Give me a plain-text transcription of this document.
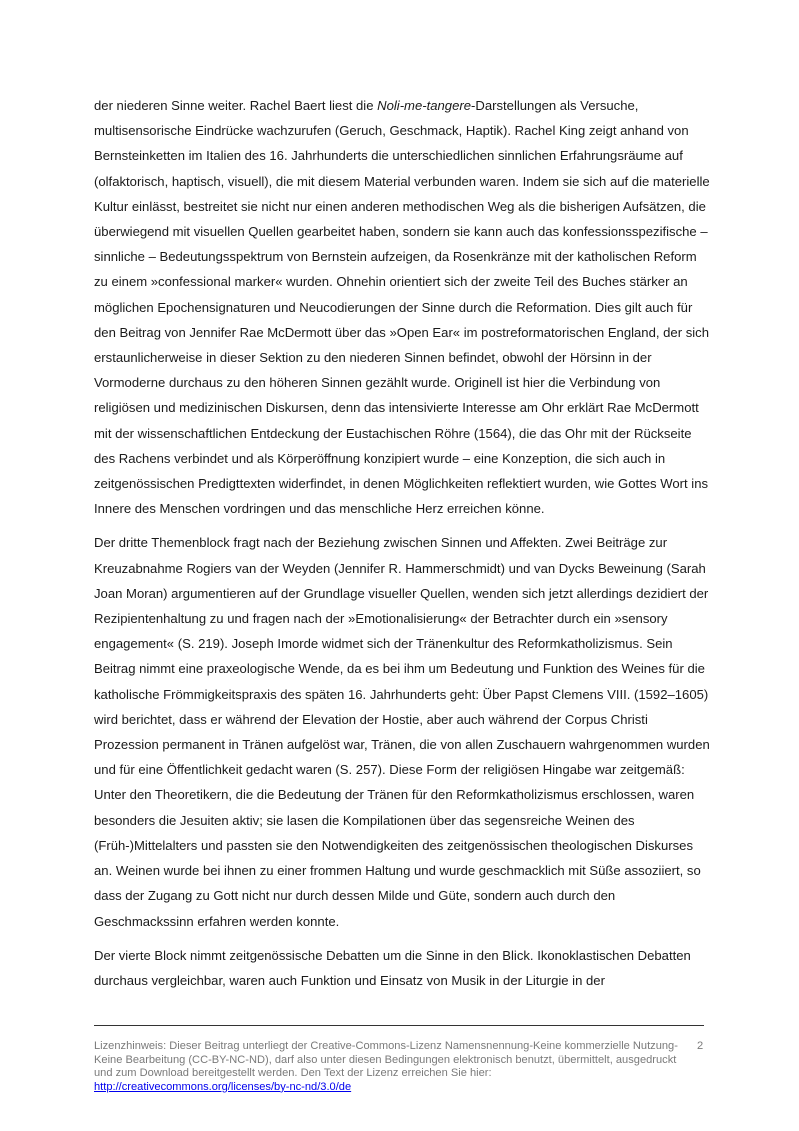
der niederen Sinne weiter. Rachel Baert liest die Noli-me-tangere-Darstellungen als Versuche, multisensorische Eindrücke wachzurufen (Geruch, Geschmack, Haptik). Rachel King zeigt anhand von Bernsteinketten im Italien des 16. Jahrhunderts die unterschiedlichen sinnlichen Erfahrungsräume auf (olfaktorisch, haptisch, visuell), die mit diesem Material verbunden waren. Indem sie sich auf die materielle Kultur einlässt, bestreitet sie nicht nur einen anderen methodischen Weg als die bisherigen Aufsätzen, die überwiegend mit visuellen Quellen gearbeitet haben, sondern sie kann auch das konfessionsspezifische – sinnliche – Bedeutungsspektrum von Bernstein aufzeigen, da Rosenkränze mit der katholischen Reform zu einem »confessional marker« wurden. Ohnehin orientiert sich der zweite Teil des Buches stärker an möglichen Epochensignaturen und Neucodierungen der Sinne durch die Reformation. Dies gilt auch für den Beitrag von Jennifer Rae McDermott über das »Open Ear« im postreformatorischen England, der sich erstaunlicherweise in dieser Sektion zu den niederen Sinnen befindet, obwohl der Hörsinn in der Vormoderne durchaus zu den höheren Sinnen gezählt wurde. Originell ist hier die Verbindung von religiösen und medizinischen Diskursen, denn das intensivierte Interesse am Ohr erklärt Rae McDermott mit der wissenschaftlichen Entdeckung der Eustachischen Röhre (1564), die das Ohr mit der Rückseite des Rachens verbindet und als Körperöffnung konzipiert wurde – eine Konzeption, die sich auch in zeitgenössischen Predigttexten widerfindet, in denen Möglichkeiten reflektiert wurden, wie Gottes Wort ins Innere des Menschen vordringen und das menschliche Herz erreichen könne.

Der dritte Themenblock fragt nach der Beziehung zwischen Sinnen und Affekten. Zwei Beiträge zur Kreuzabnahme Rogiers van der Weyden (Jennifer R. Hammerschmidt) und van Dycks Beweinung (Sarah Joan Moran) argumentieren auf der Grundlage visueller Quellen, wenden sich jetzt allerdings dezidiert der Rezipientenhaltung zu und fragen nach der »Emotionalisierung« der Betrachter durch ein »sensory engagement« (S. 219). Joseph Imorde widmet sich der Tränenkultur des Reformkatholizismus. Sein Beitrag nimmt eine praxeologische Wende, da es bei ihm um Bedeutung und Funktion des Weines für die katholische Frömmigkeitspraxis des späten 16. Jahrhunderts geht: Über Papst Clemens VIII. (1592–1605) wird berichtet, dass er während der Elevation der Hostie, aber auch während der Corpus Christi Prozession permanent in Tränen aufgelöst war, Tränen, die von allen Zuschauern wahrgenommen wurden und für eine Öffentlichkeit gedacht waren (S. 257). Diese Form der religiösen Hingabe war zeitgemäß: Unter den Theoretikern, die die Bedeutung der Tränen für den Reformkatholizismus erschlossen, waren besonders die Jesuiten aktiv; sie lasen die Kompilationen über das segensreiche Weinen des (Früh-)Mittelalters und passten sie den Notwendigkeiten des zeitgenössischen theologischen Diskurses an. Weinen wurde bei ihnen zu einer frommen Haltung und wurde geschmacklich mit Süße assoziiert, so dass der Zugang zu Gott nicht nur durch dessen Milde und Güte, sondern auch durch den Geschmackssinn erfahren werden konnte.

Der vierte Block nimmt zeitgenössische Debatten um die Sinne in den Blick. Ikonoklastischen Debatten durchaus vergleichbar, waren auch Funktion und Einsatz von Musik in der Liturgie in der

Lizenzhinweis: Dieser Beitrag unterliegt der Creative-Commons-Lizenz Namensnennung-Keine kommerzielle Nutzung-Keine Bearbeitung (CC-BY-NC-ND), darf also unter diesen Bedingungen elektronisch benutzt, übermittelt, ausgedruckt und zum Download bereitgestellt werden. Den Text der Lizenz erreichen Sie hier: http://creativecommons.org/licenses/by-nc-nd/3.0/de
2
